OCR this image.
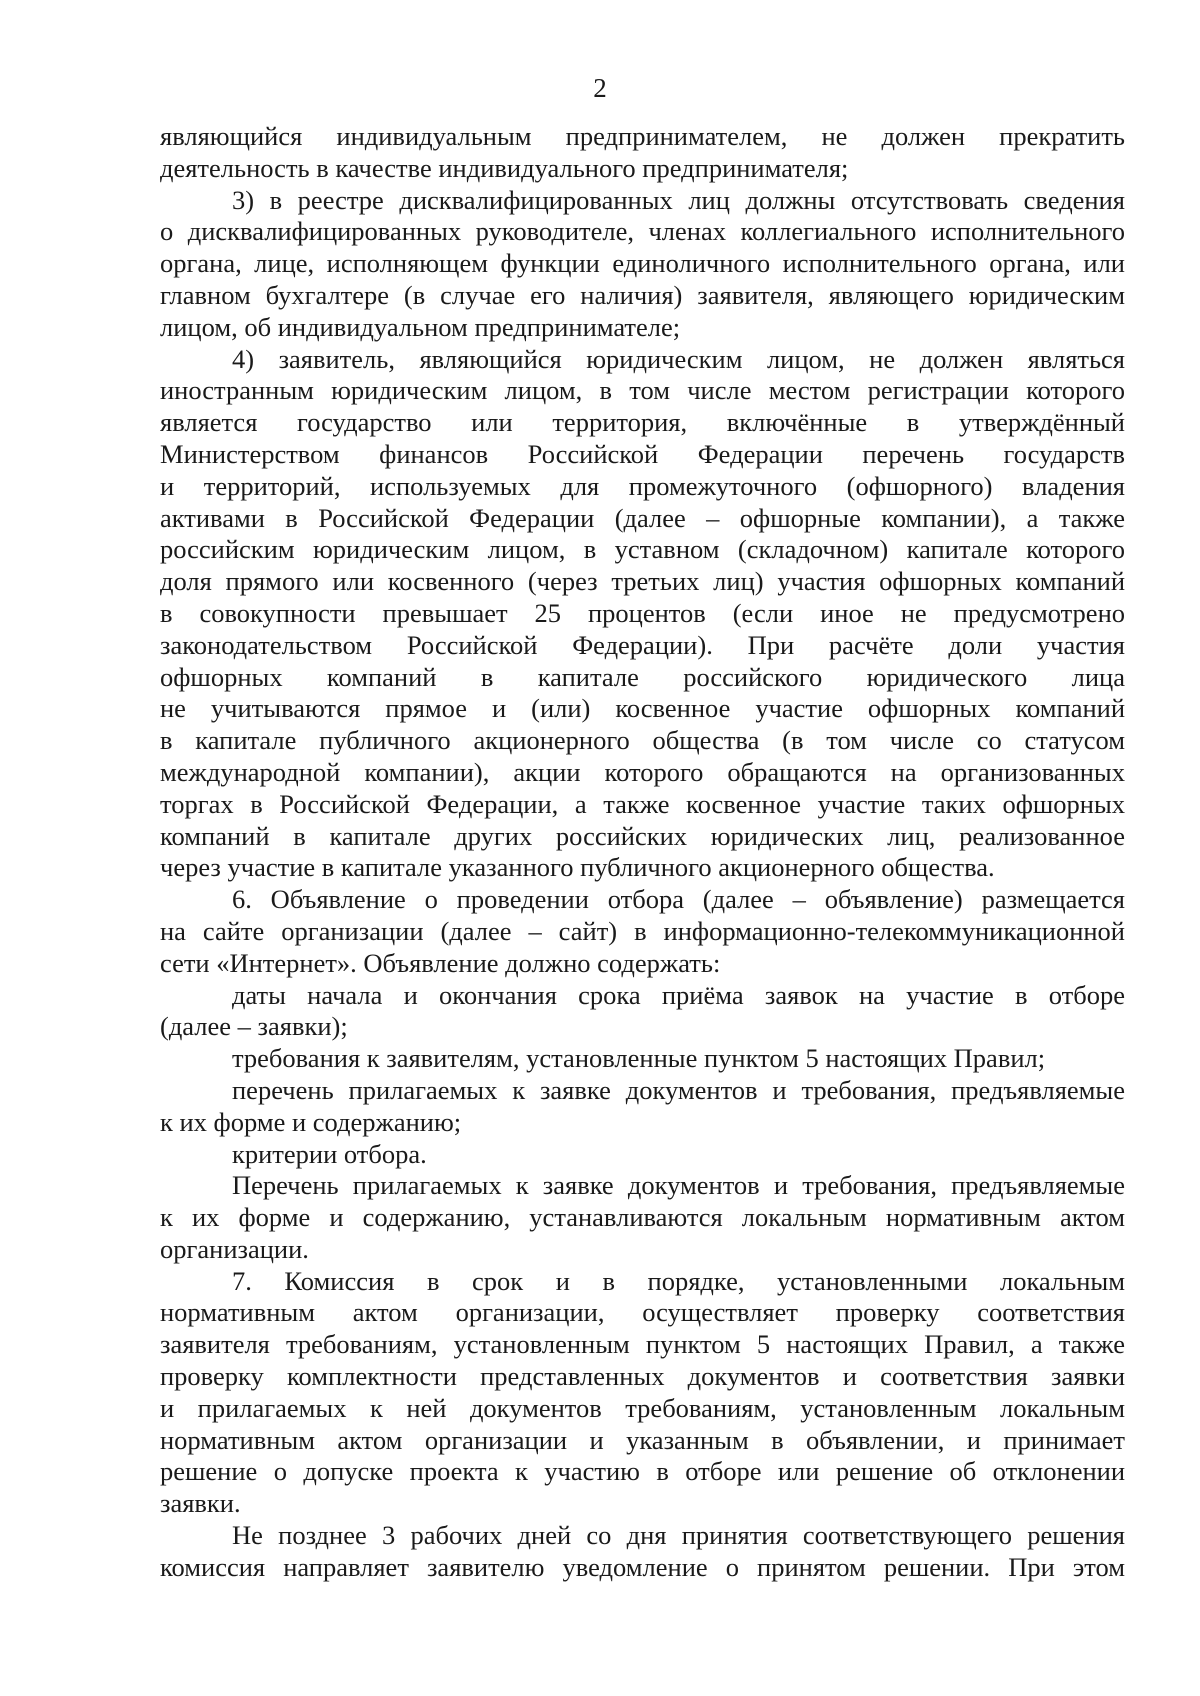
2

являющийся индивидуальным предпринимателем, не должен прекратить

деятельность в качестве индивидуального предпринимателя;

3) в реестре дисквалифицированных лиц должны отсутствовать сведения

о дисквалифицированных руководителе, членах коллегиального исполнительного

органа, лице, исполняющем функции единоличного исполнительного органа, или

главном бухгалтере (в случае его наличия) заявителя, являющего юридическим

лицом, об индивидуальном предпринимателе;

4) заявитель, являющийся юридическим лицом, не должен являться

иностранным юридическим лицом, в том числе местом регистрации которого

является государство или территория, включённые в утверждённый

Министерством финансов Российской Федерации перечень государств

и территорий, используемых для промежуточного (офшорного) владения

активами в Российской Федерации (далее – офшорные компании), а также

российским юридическим лицом, в уставном (складочном) капитале которого

доля прямого или косвенного (через третьих лиц) участия офшорных компаний

в совокупности превышает 25 процентов (если иное не предусмотрено

законодательством Российской Федерации). При расчёте доли участия

офшорных компаний в капитале российского юридического лица

не учитываются прямое и (или) косвенное участие офшорных компаний

в капитале публичного акционерного общества (в том числе со статусом

международной компании), акции которого обращаются на организованных

торгах в Российской Федерации, а также косвенное участие таких офшорных

компаний в капитале других российских юридических лиц, реализованное

через участие в капитале указанного публичного акционерного общества.

6. Объявление о проведении отбора (далее – объявление) размещается

на сайте организации (далее – сайт) в информационно-телекоммуникационной

сети «Интернет». Объявление должно содержать:

даты начала и окончания срока приёма заявок на участие в отборе

(далее – заявки);

требования к заявителям, установленные пунктом 5 настоящих Правил;

перечень прилагаемых к заявке документов и требования, предъявляемые

к их форме и содержанию;

критерии отбора.

Перечень прилагаемых к заявке документов и требования, предъявляемые

к их форме и содержанию, устанавливаются локальным нормативным актом

организации.

7. Комиссия в срок и в порядке, установленными локальным

нормативным актом организации, осуществляет проверку соответствия

заявителя требованиям, установленным пунктом 5 настоящих Правил, а также

проверку комплектности представленных документов и соответствия заявки

и прилагаемых к ней документов требованиям, установленным локальным

нормативным актом организации и указанным в объявлении, и принимает

решение о допуске проекта к участию в отборе или решение об отклонении

заявки.

Не позднее 3 рабочих дней со дня принятия соответствующего решения

комиссия направляет заявителю уведомление о принятом решении. При этом
